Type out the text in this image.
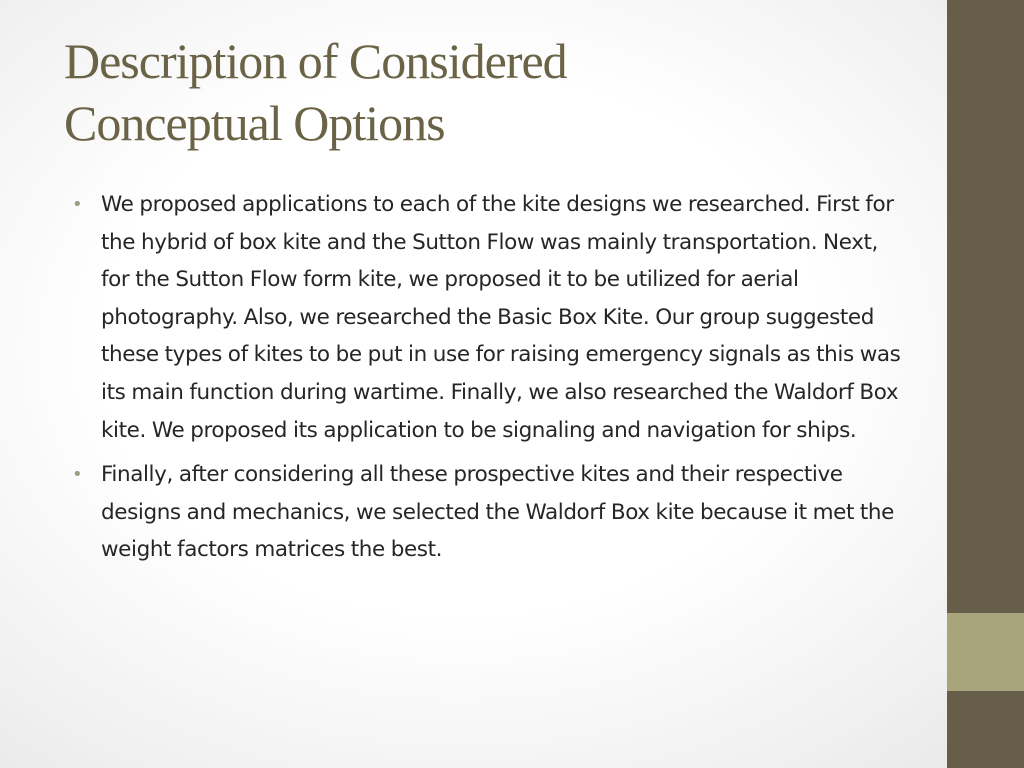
Description of Considered
Conceptual Options
• We proposed applications to each of the kite designs we researched. First for the hybrid of box kite and the Sutton Flow was mainly transportation. Next, for the Sutton Flow form kite, we proposed it to be utilized for aerial photography. Also, we researched the Basic Box Kite. Our group suggested these types of kites to be put in use for raising emergency signals as this was its main function during wartime. Finally, we also researched the Waldorf Box kite. We proposed its application to be signaling and navigation for ships.
• Finally, after considering all these prospective kites and their respective designs and mechanics, we selected the Waldorf Box kite because it met the weight factors matrices the best.
